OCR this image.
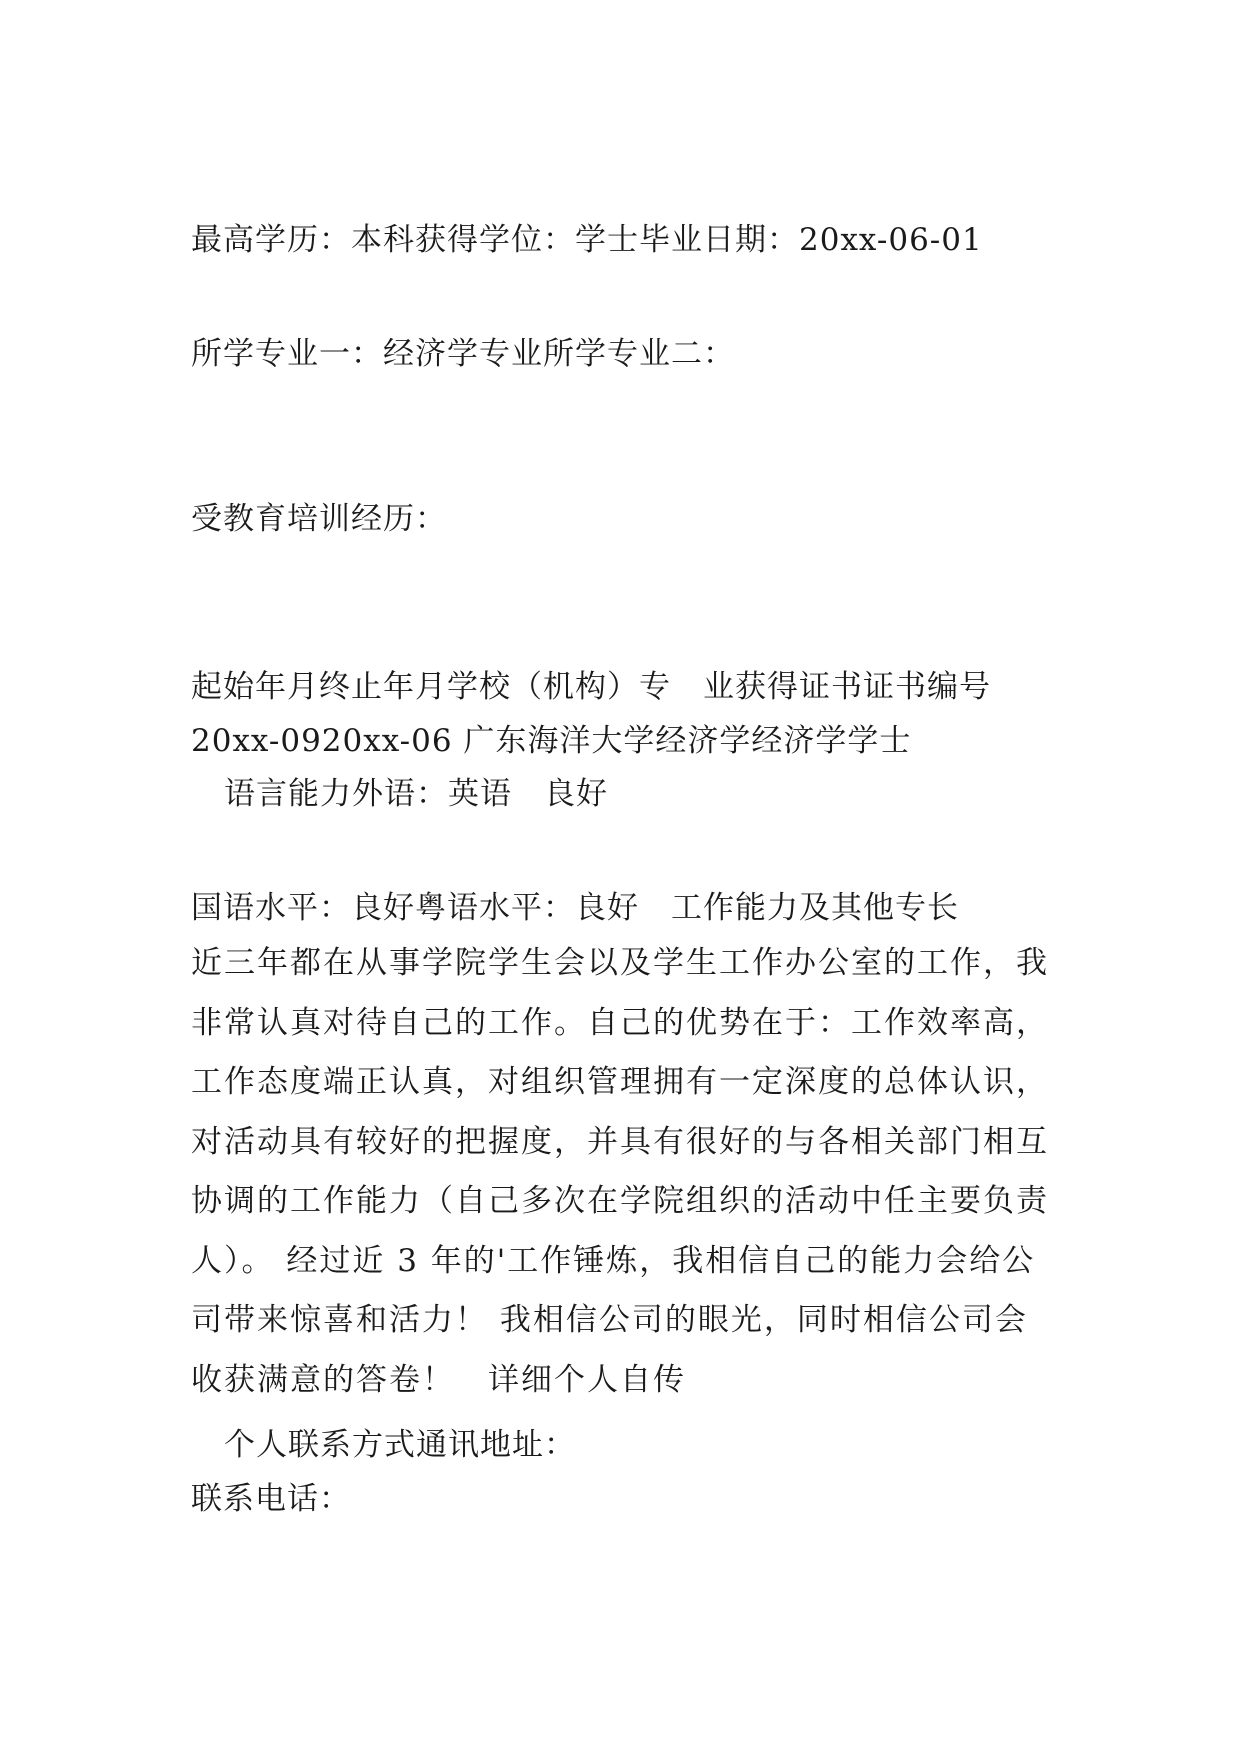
最高学历：本科获得学位：学士毕业日期：20xx-06-01
所学专业一：经济学专业所学专业二：
受教育培训经历：
起始年月终止年月学校（机构）专　业获得证书证书编号
20xx-0920xx-06 广东海洋大学经济学经济学学士
语言能力外语：英语　良好
国语水平：良好粤语水平：良好　工作能力及其他专长
近三年都在从事学院学生会以及学生工作办公室的工作，我
非常认真对待自己的工作。自己的优势在于：工作效率高，
工作态度端正认真，对组织管理拥有一定深度的总体认识，
对活动具有较好的把握度，并具有很好的与各相关部门相互
协调的工作能力（自己多次在学院组织的活动中任主要负责
人）。 经过近 3 年的'工作锤炼，我相信自己的能力会给公
司带来惊喜和活力！ 我相信公司的眼光，同时相信公司会
收获满意的答卷！　详细个人自传
个人联系方式通讯地址：
联系电话：
